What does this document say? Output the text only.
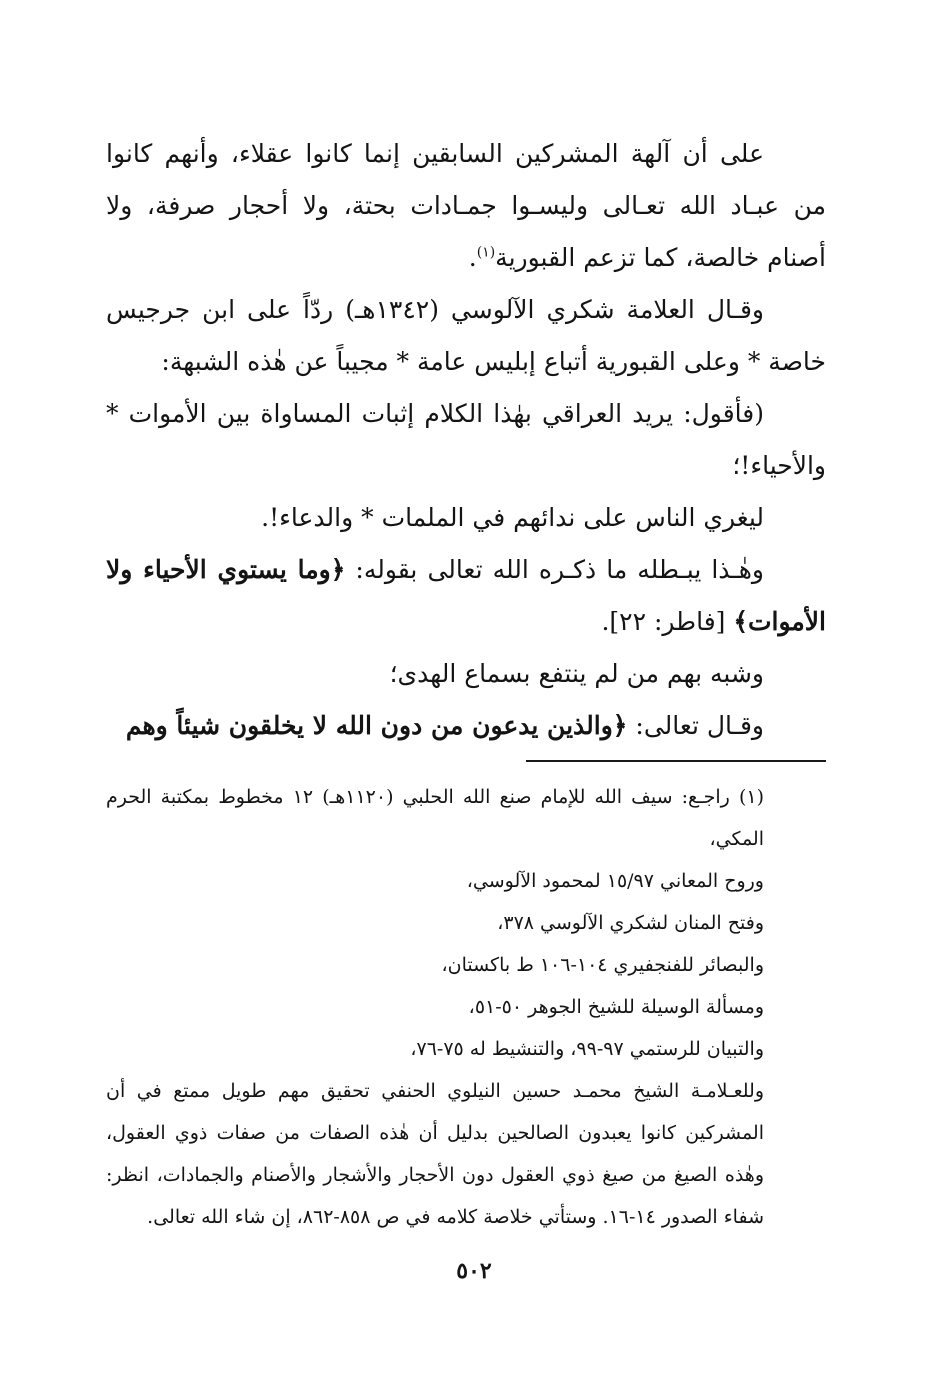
على أن آلهة المشركين السابقين إنما كانوا عقلاء، وأنهم كانوا من عبـاد الله تعـالى وليسـوا جمـادات بحتة، ولا أحجار صرفة، ولا أصنام خالصة، كما تزعم القبورية$^{(١)}$.

وقـال العلامة شكري الآلوسي (١٣٤٢هـ) ردّاً على ابن جرجيس خاصة * وعلى القبورية أتباع إبليس عامة * مجيباً عن هٰذه الشبهة:

(فأقول: يريد العراقي بهٰذا الكلام إثبات المساواة بين الأموات * والأحياء!؛

ليغري الناس على ندائهم في الملمات * والدعاء!.

وهٰـذا يبـطله ما ذكـره الله تعالى بقوله: ﴿وما يستوي الأحياء ولا الأموات﴾ [فاطر: ٢٢].

وشبه بهم من لم ينتفع بسماع الهدى؛

وقـال تعالى: ﴿والذين يدعون من دون الله لا يخلقون شيئاً وهم

(١) راجـع: سيف الله للإمام صنع الله الحلبي (١١٢٠هـ) ١٢ مخطوط بمكتبة الحرم المكي،

وروح المعاني ١٥/٩٧ لمحمود الآلوسي،

وفتح المنان لشكري الآلوسي ٣٧٨،

والبصائر للفنجفيري ١٠٤-١٠٦ ط باكستان،

ومسألة الوسيلة للشيخ الجوهر ٥٠-٥١،

والتبيان للرستمي ٩٧-٩٩، والتنشيط له ٧٥-٧٦،

وللعـلامـة الشيخ محمـد حسين النيلوي الحنفي تحقيق مهم طويل ممتع في أن المشركين كانوا يعبدون الصالحين بدليل أن هٰذه الصفات من صفات ذوي العقول، وهٰذه الصيغ من صيغ ذوي العقول دون الأحجار والأشجار والأصنام والجمادات، انظر: شفاء الصدور ١٤-١٦. وستأتي خلاصة كلامه في ص ٨٥٨-٨٦٢، إن شاء الله تعالى.

٥٠٢
